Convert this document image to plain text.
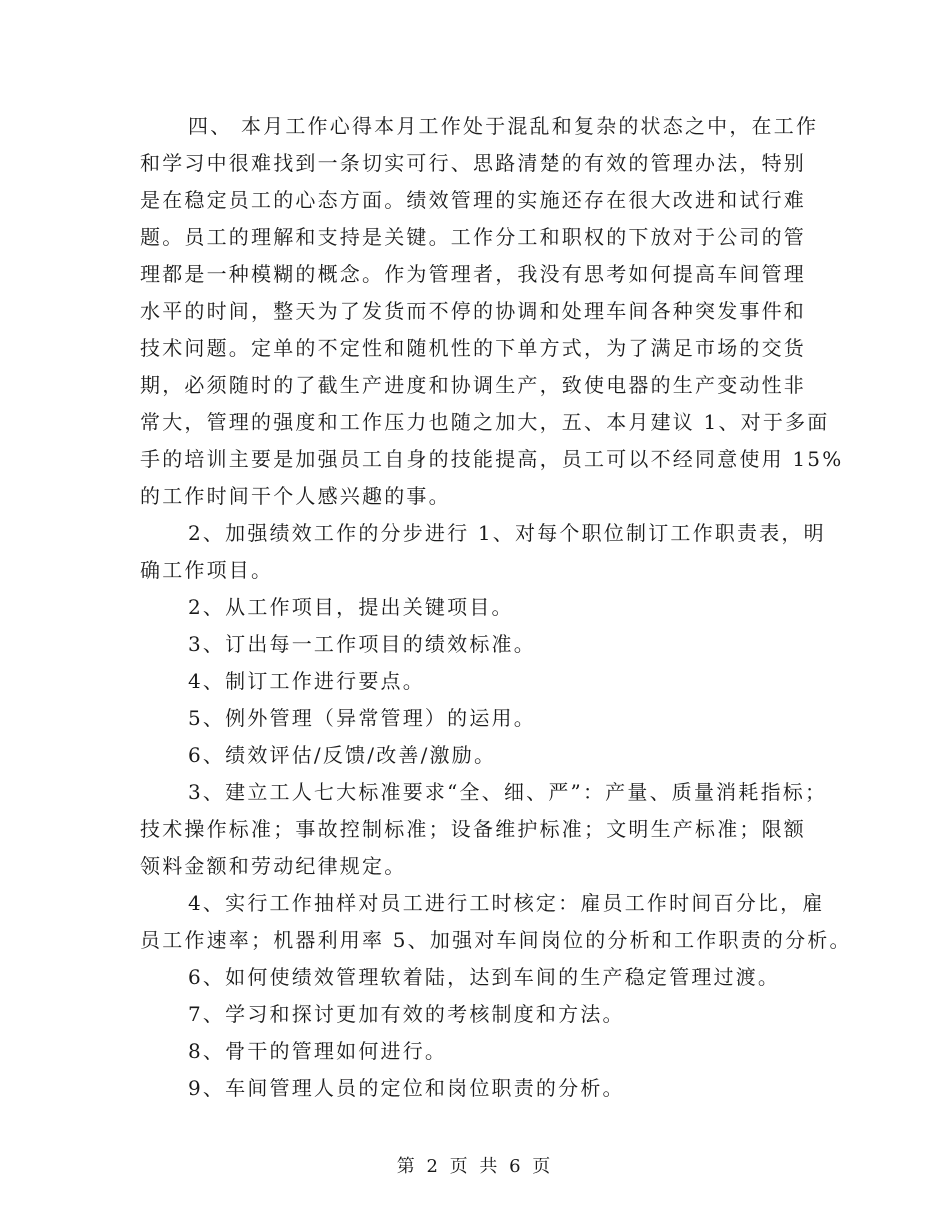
四、 本月工作心得本月工作处于混乱和复杂的状态之中，在工作
和学习中很难找到一条切实可行、思路清楚的有效的管理办法，特别
是在稳定员工的心态方面。绩效管理的实施还存在很大改进和试行难
题。员工的理解和支持是关键。工作分工和职权的下放对于公司的管
理都是一种模糊的概念。作为管理者，我没有思考如何提高车间管理
水平的时间，整天为了发货而不停的协调和处理车间各种突发事件和
技术问题。定单的不定性和随机性的下单方式，为了满足市场的交货
期，必须随时的了截生产进度和协调生产，致使电器的生产变动性非
常大，管理的强度和工作压力也随之加大，五、本月建议 1、对于多面
手的培训主要是加强员工自身的技能提高，员工可以不经同意使用 15%
的工作时间干个人感兴趣的事。
2、加强绩效工作的分步进行 1、对每个职位制订工作职责表，明
确工作项目。
2、从工作项目，提出关键项目。
3、订出每一工作项目的绩效标准。
4、制订工作进行要点。
5、例外管理（异常管理）的运用。
6、绩效评估/反馈/改善/激励。
3、建立工人七大标准要求“全、细、严”：产量、质量消耗指标；
技术操作标准；事故控制标准；设备维护标准；文明生产标准；限额
领料金额和劳动纪律规定。
4、实行工作抽样对员工进行工时核定：雇员工作时间百分比，雇
员工作速率；机器利用率 5、加强对车间岗位的分析和工作职责的分析。
6、如何使绩效管理软着陆，达到车间的生产稳定管理过渡。
7、学习和探讨更加有效的考核制度和方法。
8、骨干的管理如何进行。
9、车间管理人员的定位和岗位职责的分析。
第 2 页 共 6 页
